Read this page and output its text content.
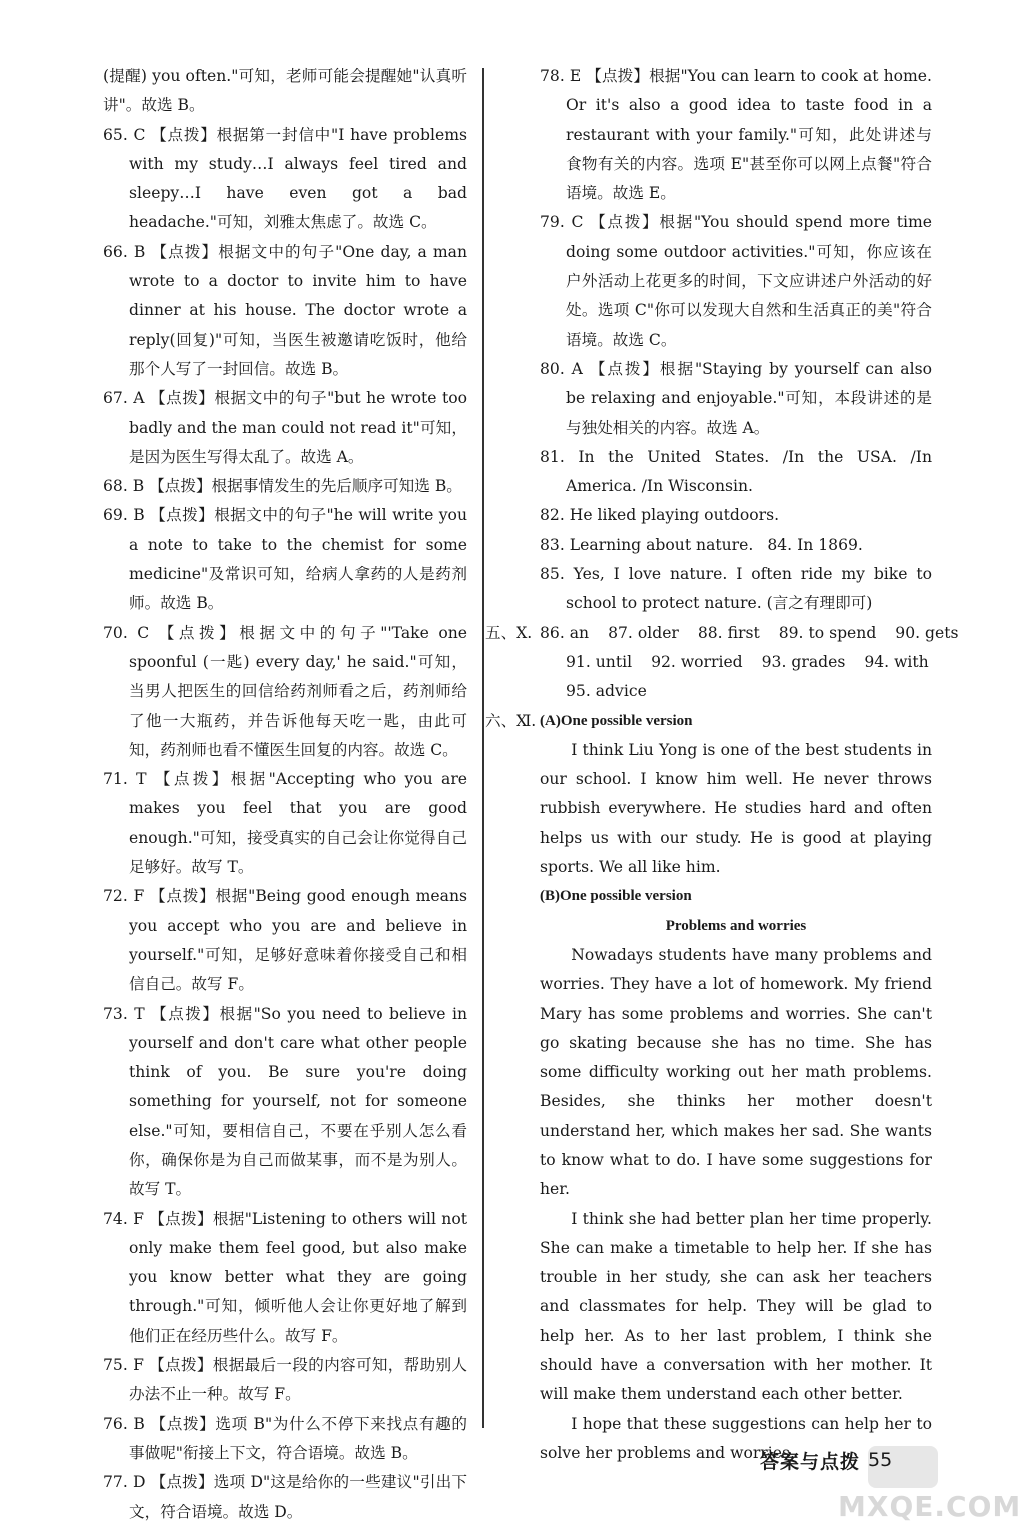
(提醒) you often."可知，老师可能会提醒她"认真听讲"。故选 B。

65. C 【点拨】根据第一封信中"I have problems with my study…I always feel tired and sleepy…I have even got a bad headache."可知，刘雅太焦虑了。故选 C。

66. B 【点拨】根据文中的句子"One day, a man wrote to a doctor to invite him to have dinner at his house. The doctor wrote a reply(回复)"可知，当医生被邀请吃饭时，他给那个人写了一封回信。故选 B。

67. A 【点拨】根据文中的句子"but he wrote too badly and the man could not read it"可知，是因为医生写得太乱了。故选 A。

68. B 【点拨】根据事情发生的先后顺序可知选 B。

69. B 【点拨】根据文中的句子"he will write you a note to take to the chemist for some medicine"及常识可知，给病人拿药的人是药剂师。故选 B。

70. C 【点拨】根据文中的句子"'Take one spoonful (一匙) every day,' he said."可知，当男人把医生的回信给药剂师看之后，药剂师给了他一大瓶药，并告诉他每天吃一匙，由此可知，药剂师也看不懂医生回复的内容。故选 C。

71. T 【点拨】根据"Accepting who you are makes you feel that you are good enough."可知，接受真实的自己会让你觉得自己足够好。故写 T。

72. F 【点拨】根据"Being good enough means you accept who you are and believe in yourself."可知，足够好意味着你接受自己和相信自己。故写 F。

73. T 【点拨】根据"So you need to believe in yourself and don't care what other people think of you. Be sure you're doing something for yourself, not for someone else."可知，要相信自己，不要在乎别人怎么看你，确保你是为自己而做某事，而不是为别人。故写 T。

74. F 【点拨】根据"Listening to others will not only make them feel good, but also make you know better what they are going through."可知，倾听他人会让你更好地了解到他们正在经历些什么。故写 F。

75. F 【点拨】根据最后一段的内容可知，帮助别人办法不止一种。故写 F。

76. B 【点拨】选项 B"为什么不停下来找点有趣的事做呢"衔接上下文，符合语境。故选 B。

77. D 【点拨】选项 D"这是给你的一些建议"引出下文，符合语境。故选 D。

78. E 【点拨】根据"You can learn to cook at home. Or it's also a good idea to taste food in a restaurant with your family."可知，此处讲述与食物有关的内容。选项 E"甚至你可以网上点餐"符合语境。故选 E。

79. C 【点拨】根据"You should spend more time doing some outdoor activities."可知，你应该在户外活动上花更多的时间，下文应讲述户外活动的好处。选项 C"你可以发现大自然和生活真正的美"符合语境。故选 C。

80. A 【点拨】根据"Staying by yourself can also be relaxing and enjoyable."可知，本段讲述的是与独处相关的内容。故选 A。

81. In the United States. /In the USA. /In America. /In Wisconsin.

82. He liked playing outdoors.

83. Learning about nature. 84. In 1869.

85. Yes, I love nature. I often ride my bike to school to protect nature. (言之有理即可)

五、Ⅹ. 86. an 87. older 88. first 89. to spend 90. gets
91. until 92. worried 93. grades 94. with
95. advice
六、Ⅺ. (A)One possible version

I think Liu Yong is one of the best students in our school. I know him well. He never throws rubbish everywhere. He studies hard and often helps us with our study. He is good at playing sports. We all like him.

(B)One possible version
Problems and worries

Nowadays students have many problems and worries. They have a lot of homework. My friend Mary has some problems and worries. She can't go skating because she has no time. She has some difficulty working out her math problems. Besides, she thinks her mother doesn't understand her, which makes her sad. She wants to know what to do. I have some suggestions for her.

I think she had better plan her time properly. She can make a timetable to help her. If she has trouble in her study, she can ask her teachers and classmates for help. They will be glad to help her. As to her last problem, I think she should have a conversation with her mother. It will make them understand each other better.

I hope that these suggestions can help her to solve her problems and worries.

答案与点拨 55
MXQE.COM
